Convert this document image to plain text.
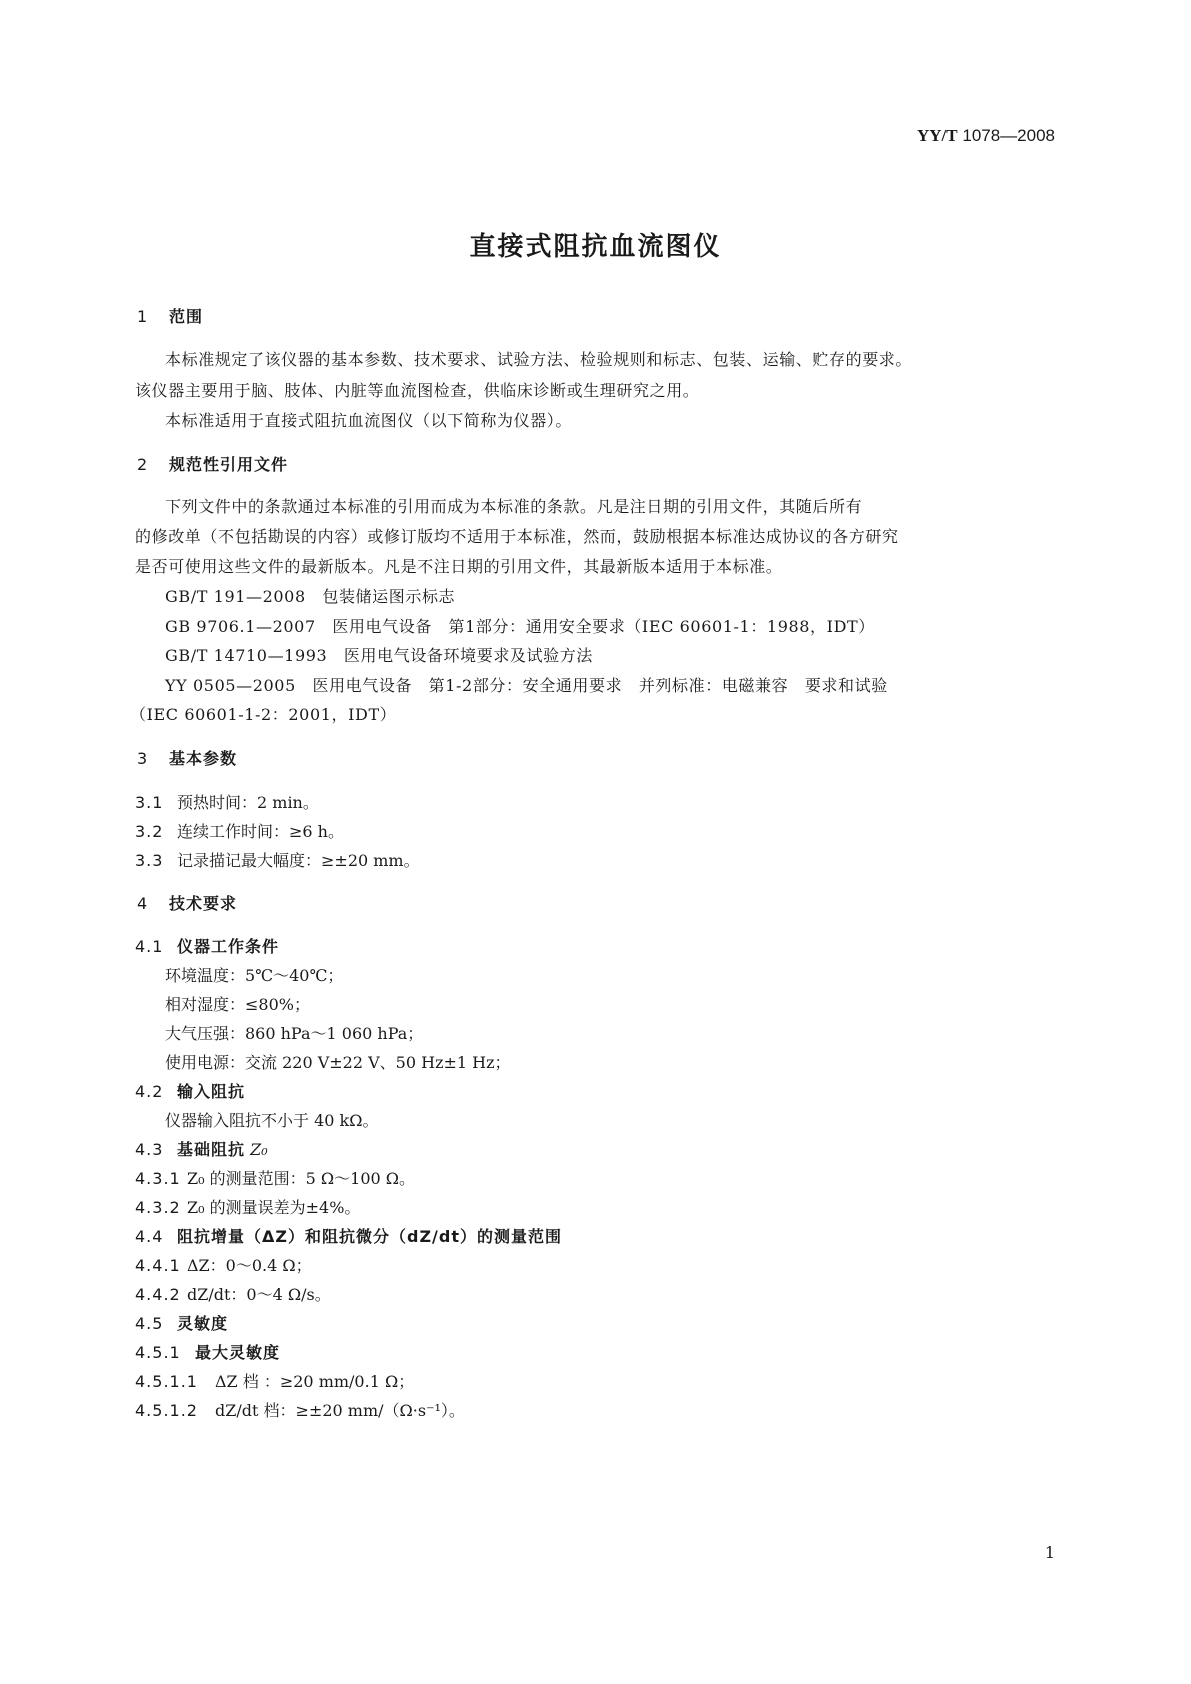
YY/T 1078—2008
直接式阻抗血流图仪
1 范围
本标准规定了该仪器的基本参数、技术要求、试验方法、检验规则和标志、包装、运输、贮存的要求。
该仪器主要用于脑、肢体、内脏等血流图检查，供临床诊断或生理研究之用。
本标准适用于直接式阻抗血流图仪（以下简称为仪器）。
2 规范性引用文件
下列文件中的条款通过本标准的引用而成为本标准的条款。凡是注日期的引用文件，其随后所有
的修改单（不包括勘误的内容）或修订版均不适用于本标准，然而，鼓励根据本标准达成协议的各方研究
是否可使用这些文件的最新版本。凡是不注日期的引用文件，其最新版本适用于本标准。
GB/T 191—2008　 包装储运图示标志
GB 9706.1—2007　 医用电气设备　第1部分：通用安全要求（IEC 60601-1：1988，IDT）
GB/T 14710—1993　 医用电气设备环境要求及试验方法
YY 0505—2005　 医用电气设备　第1-2部分：安全通用要求　并列标准：电磁兼容　要求和试验
（IEC 60601-1-2：2001，IDT）
3 基本参数
3.1 预热时间：2 min。
3.2 连续工作时间：≥6 h。
3.3 记录描记最大幅度：≥±20 mm。
4 技术要求
4.1 仪器工作条件
环境温度：5℃～40℃；
相对湿度：≤80%；
大气压强：860 hPa～1 060 hPa；
使用电源：交流 220 V±22 V、50 Hz±1 Hz；
4.2 输入阻抗
仪器输入阻抗不小于 40 kΩ。
4.3 基础阻抗 Z₀
4.3.1 Z₀ 的测量范围：5 Ω～100 Ω。
4.3.2 Z₀ 的测量误差为±4%。
4.4 阻抗增量（ΔZ）和阻抗微分（dZ/dt）的测量范围
4.4.1 ΔZ：0～0.4 Ω；
4.4.2 dZ/dt：0～4 Ω/s。
4.5 灵敏度
4.5.1 最大灵敏度
4.5.1.1 ΔZ 档 ：≥20 mm/0.1 Ω；
4.5.1.2 dZ/dt 档：≥±20 mm/（Ω·s⁻¹）。
1
